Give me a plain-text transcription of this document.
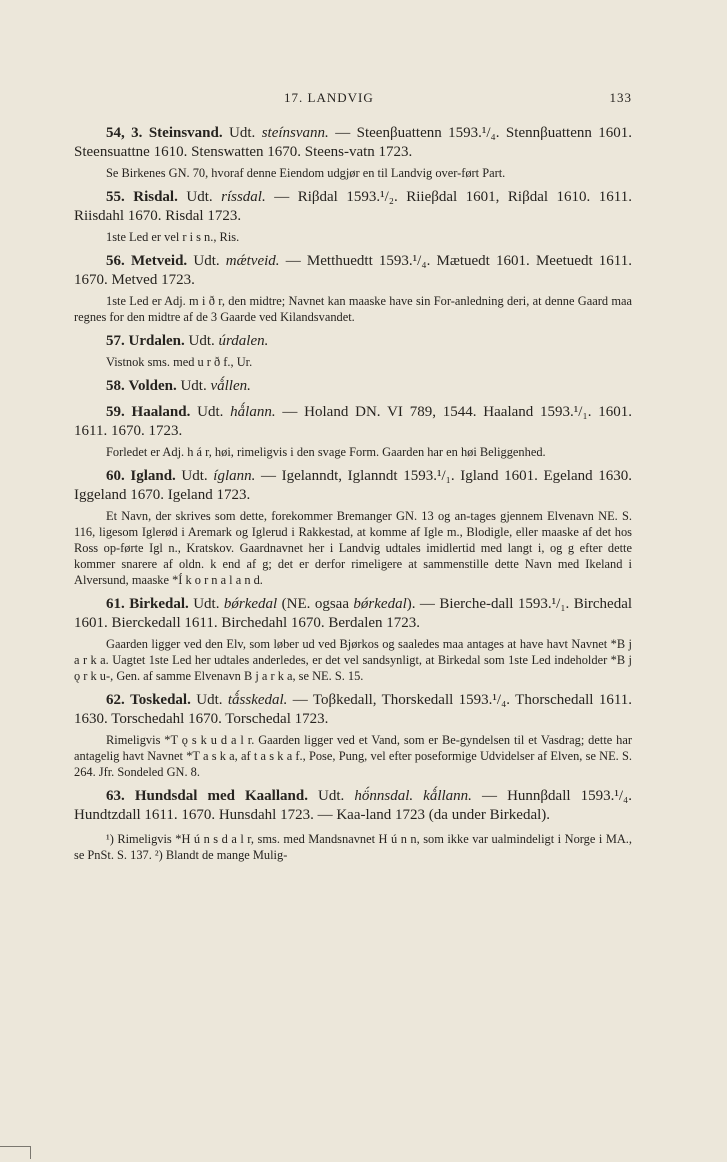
17. LANDVIG	133

54, 3. Steinsvand. Udt. steínsvann. — Steenβuattenn 1593.¹/₄. Stennβuattenn 1601. Steensuattne 1610. Stenswatten 1670. Steens-vatn 1723.

Se Birkenes GN. 70, hvoraf denne Eiendom udgjør en til Landvig over-ført Part.

55. Risdal. Udt. ríssdal. — Riβdal 1593.¹/₂. Riieβdal 1601, Riβdal 1610. 1611. Riisdahl 1670. Risdal 1723.

1ste Led er vel r i s n., Ris.

56. Metveid. Udt. mǽtveid. — Metthuedtt 1593.¹/₄. Mætuedt 1601. Meetuedt 1611. 1670. Metved 1723.

1ste Led er Adj. m i ð r, den midtre; Navnet kan maaske have sin For-anledning deri, at denne Gaard maa regnes for den midtre af de 3 Gaarde ved Kilandsvandet.

57. Urdalen. Udt. úrdalen.

Vistnok sms. med u r ð f., Ur.

58. Volden. Udt. vǻllen.

59. Haaland. Udt. hǻlann. — Holand DN. VI 789, 1544. Haaland 1593.¹/₁. 1601. 1611. 1670. 1723.

Forledet er Adj. h á r, høi, rimeligvis i den svage Form. Gaarden har en høi Beliggenhed.

60. Igland. Udt. íglann. — Igelanndt, Iglanndt 1593.¹/₁. Igland 1601. Egeland 1630. Iggeland 1670. Igeland 1723.

Et Navn, der skrives som dette, forekommer Bremanger GN. 13 og an-tages gjennem Elvenavn NE. S. 116, ligesom Iglerød i Aremark og Iglerud i Rakkestad, at komme af Igle m., Blodigle, eller maaske af det hos Ross op-førte Igl n., Kratskov. Gaardnavnet her i Landvig udtales imidlertid med langt i, og g efter dette kommer snarere af oldn. k end af g; det er derfor rimeligere at sammenstille dette Navn med Ikeland i Alversund, maaske *Í k o r n a l a n d.

61. Birkedal. Udt. bǿrkedal (NE. ogsaa bǿrkedal). — Bierche-dall 1593.¹/₁. Birchedal 1601. Bierckedall 1611. Birchedahl 1670. Berdalen 1723.

Gaarden ligger ved den Elv, som løber ud ved Bjørkos og saaledes maa antages at have havt Navnet *B j a r k a. Uagtet 1ste Led her udtales anderledes, er det vel sandsynligt, at Birkedal som 1ste Led indeholder *B j ǫ r k u-, Gen. af samme Elvenavn B j a r k a, se NE. S. 15.

62. Toskedal. Udt. tǻsskedal. — Toβkedall, Thorskedall 1593.¹/₄. Thorschedall 1611. 1630. Torschedahl 1670. Torschedal 1723.

Rimeligvis *T ǫ s k u d a l r. Gaarden ligger ved et Vand, som er Be-gyndelsen til et Vasdrag; dette har antagelig havt Navnet *T a s k a, af t a s k a f., Pose, Pung, vel efter poseformige Udvidelser af Elven, se NE. S. 264. Jfr. Sondeled GN. 8.

63. Hundsdal med Kaalland. Udt. hö́nnsdal. kǻllann. — Hunnβdall 1593.¹/₄. Hundtzdall 1611. 1670. Hunsdahl 1723. — Kaa-land 1723 (da under Birkedal).

¹) Rimeligvis *H ú n s d a l r, sms. med Mandsnavnet H ú n n, som ikke var ualmindeligt i Norge i MA., se PnSt. S. 137. ²) Blandt de mange Mulig-
